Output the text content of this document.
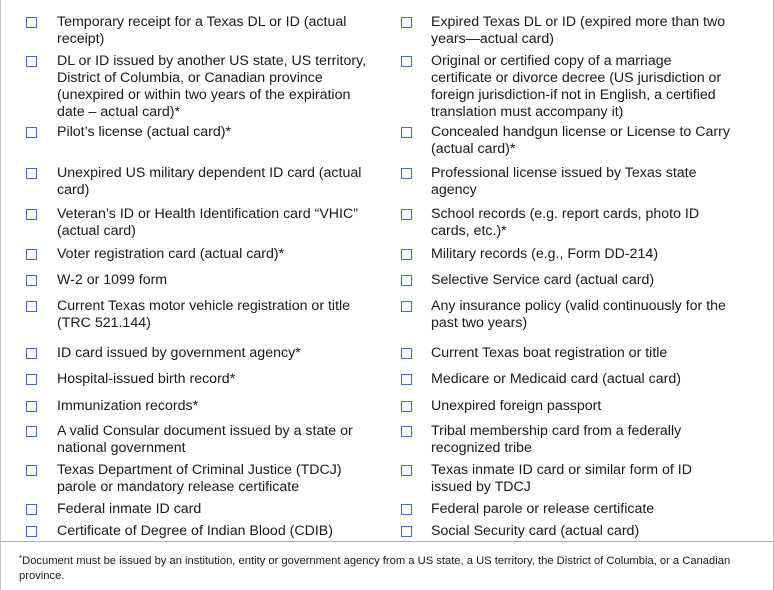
Temporary receipt for a Texas DL or ID (actual
receipt)
DL or ID issued by another US state, US territory,
District of Columbia, or Canadian province
(unexpired or within two years of the expiration
date – actual card)*
Pilot’s license (actual card)*
Unexpired US military dependent ID card (actual
card)
Veteran’s ID or Health Identification card “VHIC”
(actual card)
Voter registration card (actual card)*
W-2 or 1099 form
Current Texas motor vehicle registration or title
(TRC 521.144)
ID card issued by government agency*
Hospital-issued birth record*
Immunization records*
A valid Consular document issued by a state or
national government
Texas Department of Criminal Justice (TDCJ)
parole or mandatory release certificate
Federal inmate ID card
Certificate of Degree of Indian Blood (CDIB)
Expired Texas DL or ID (expired more than two
years—actual card)
Original or certified copy of a marriage
certificate or divorce decree (US jurisdiction or
foreign jurisdiction-if not in English, a certified
translation must accompany it)
Concealed handgun license or License to Carry
(actual card)*
Professional license issued by Texas state
agency
School records (e.g. report cards, photo ID
cards, etc.)*
Military records (e.g., Form DD-214)
Selective Service card (actual card)
Any insurance policy (valid continuously for the
past two years)
Current Texas boat registration or title
Medicare or Medicaid card (actual card)
Unexpired foreign passport
Tribal membership card from a federally
recognized tribe
Texas inmate ID card or similar form of ID
issued by TDCJ
Federal parole or release certificate
Social Security card (actual card)
*Document must be issued by an institution, entity or government agency from a US state, a US territory, the District of Columbia, or a Canadian province.
